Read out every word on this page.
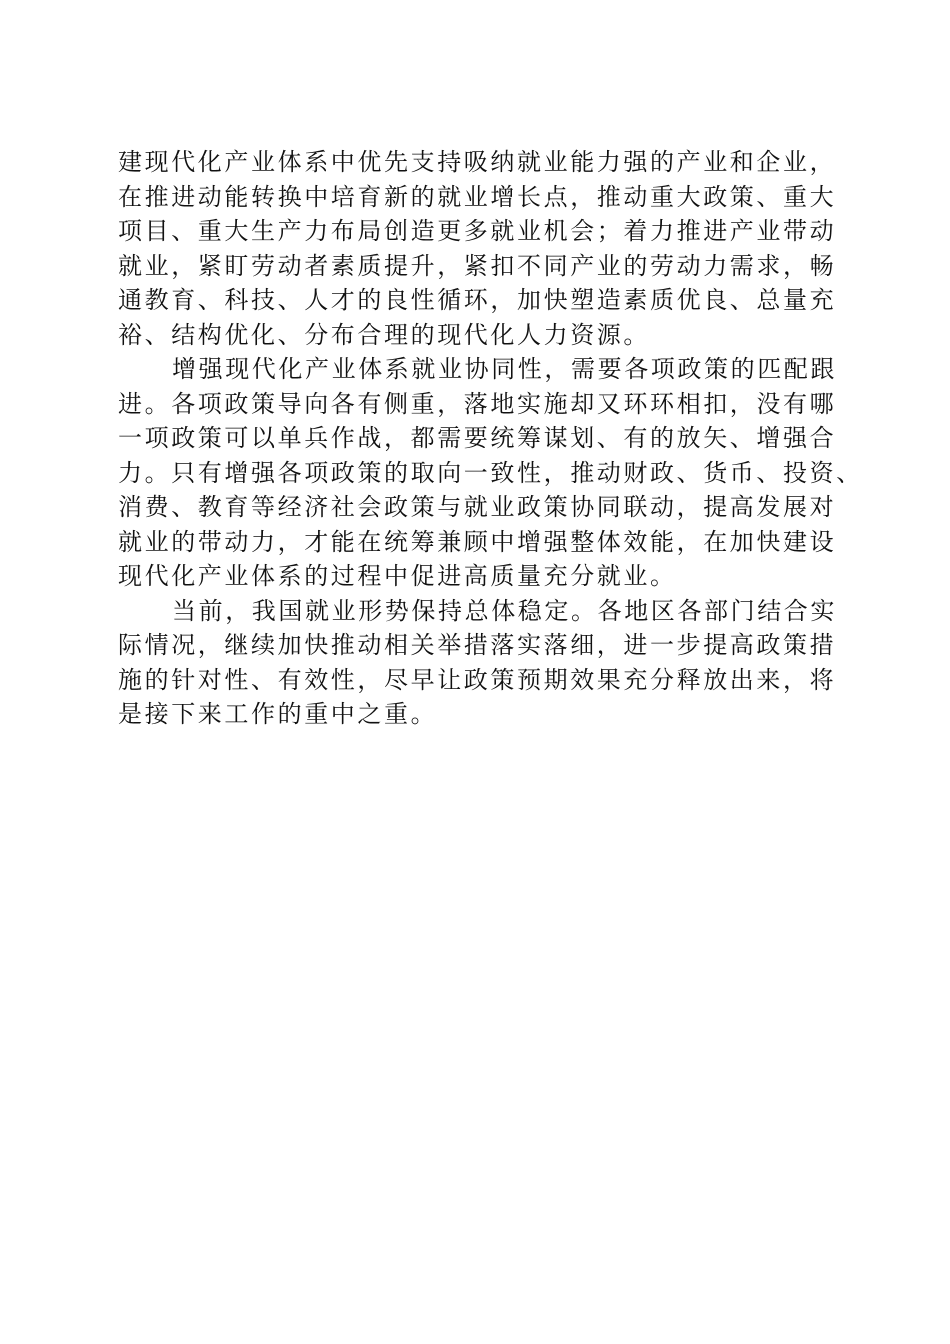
建现代化产业体系中优先支持吸纳就业能力强的产业和企业，
在推进动能转换中培育新的就业增长点，推动重大政策、重大
项目、重大生产力布局创造更多就业机会；着力推进产业带动
就业，紧盯劳动者素质提升，紧扣不同产业的劳动力需求，畅
通教育、科技、人才的良性循环，加快塑造素质优良、总量充
裕、结构优化、分布合理的现代化人力资源。
增强现代化产业体系就业协同性，需要各项政策的匹配跟
进。各项政策导向各有侧重，落地实施却又环环相扣，没有哪
一项政策可以单兵作战，都需要统筹谋划、有的放矢、增强合
力。只有增强各项政策的取向一致性，推动财政、货币、投资、
消费、教育等经济社会政策与就业政策协同联动，提高发展对
就业的带动力，才能在统筹兼顾中增强整体效能，在加快建设
现代化产业体系的过程中促进高质量充分就业。
当前，我国就业形势保持总体稳定。各地区各部门结合实
际情况，继续加快推动相关举措落实落细，进一步提高政策措
施的针对性、有效性，尽早让政策预期效果充分释放出来，将
是接下来工作的重中之重。
